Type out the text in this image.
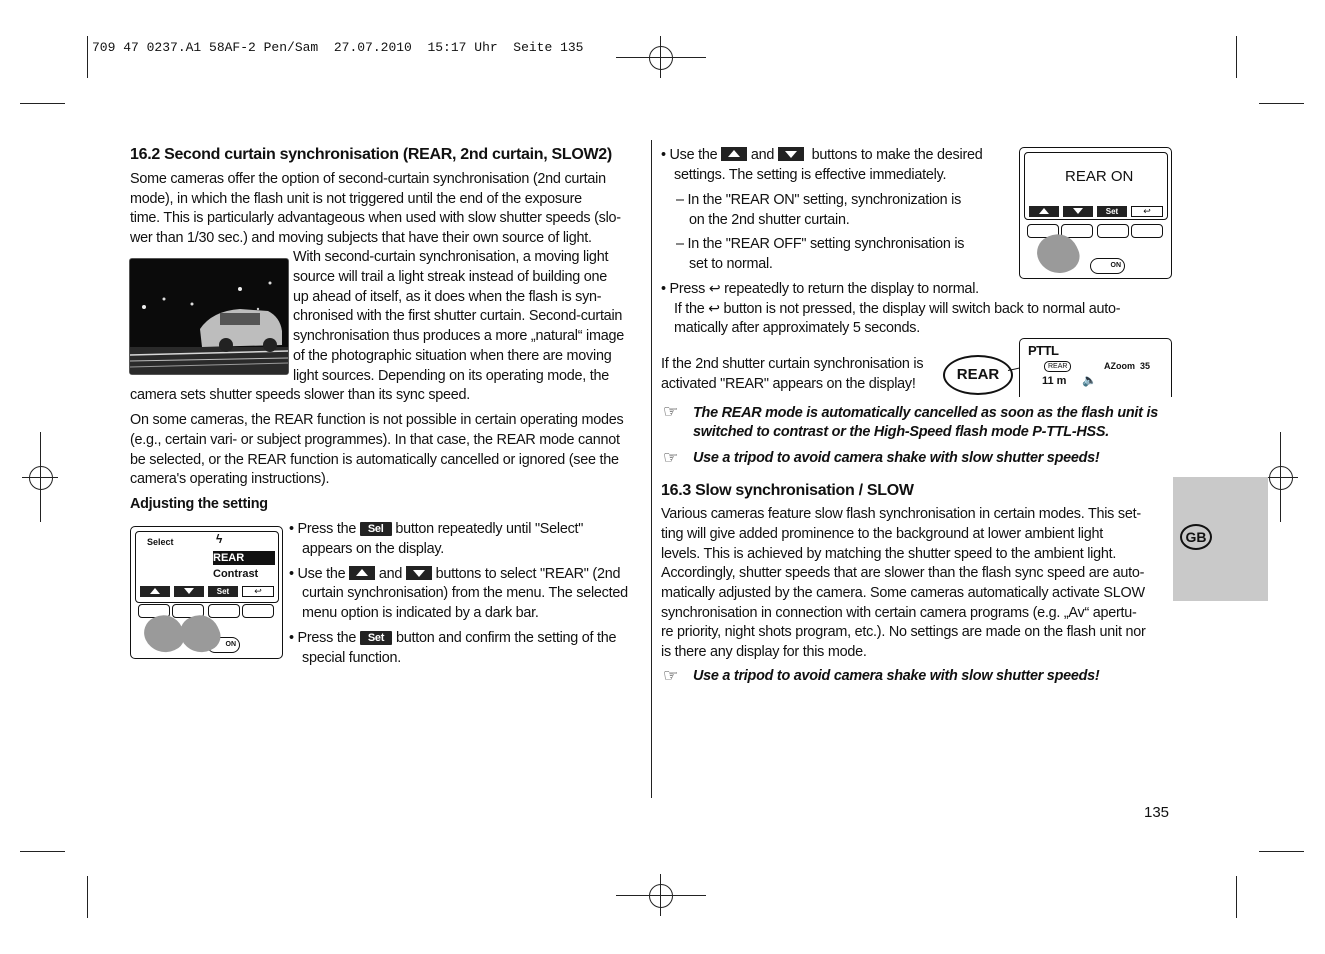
709 47 0237.A1 58AF-2 Pen/Sam  27.07.2010  15:17 Uhr  Seite 135
16.2 Second curtain synchronisation (REAR, 2nd curtain, SLOW2)

Some cameras offer the option of second-curtain synchronisation (2nd curtain

mode), in which the flash unit is not triggered until the end of the exposure

time. This is particularly advantageous when used with slow shutter speeds (slo-

wer than 1/30 sec.) and moving subjects that have their own source of light.

With second-curtain synchronisation, a moving light

source will trail a light streak instead of building one

up ahead of itself, as it does when the flash is syn-

chronised with the first shutter curtain. Second-curtain

synchronisation thus produces a more „natural“ image

of the photographic situation when there are moving

light sources. Depending on its operating mode, the

camera sets shutter speeds slower than its sync speed.

On some cameras, the REAR function is not possible in certain operating modes

(e.g., certain vari- or subject programmes). In that case, the REAR mode cannot

be selected, or the REAR function is automatically cancelled or ignored (see the

camera's operating instructions).

Adjusting the setting

Select	ϟ
REAR
Contrast
Set	↩
ON

• Press the Sel button repeatedly until "Select"

appears on the display.

• Use the and buttons to select "REAR" (2nd

curtain synchronisation) from the menu. The selected

menu option is indicated by a dark bar.

• Press the Set button and confirm the setting of the

special function.

• Use the and	buttons to make the desired

settings. The setting is effective immediately.

– In the "REAR ON" setting, synchronization is

on the 2nd shutter curtain.

– In the "REAR OFF" setting synchronisation is

set to normal.

• Press ↩ repeatedly to return the display to normal.

If the ↩ button is not pressed, the display will switch back to normal auto-

matically after approximately 5 seconds.

REAR ON
Set	↩
ON

If the 2nd shutter curtain synchronisation is

activated "REAR" appears on the display!

REAR
PTTL
REAR	AZoom  35
11 m 🔈
☞ The REAR mode is automatically cancelled as soon as the flash unit is

switched to contrast or the High-Speed flash mode P-TTL-HSS.

☞ Use a tripod to avoid camera shake with slow shutter speeds!

16.3 Slow synchronisation / SLOW

Various cameras feature slow flash synchronisation in certain modes. This set-

ting will give added prominence to the background at lower ambient light

levels. This is achieved by matching the shutter speed to the ambient light.

Accordingly, shutter speeds that are slower than the flash sync speed are auto-

matically adjusted by the camera. Some cameras automatically activate SLOW

synchronisation in connection with certain camera programs (e.g. „Av“ apertu-

re priority, night shots program, etc.). No settings are made on the flash unit nor

is there any display for this mode.

☞ Use a tripod to avoid camera shake with slow shutter speeds!

GB
135
